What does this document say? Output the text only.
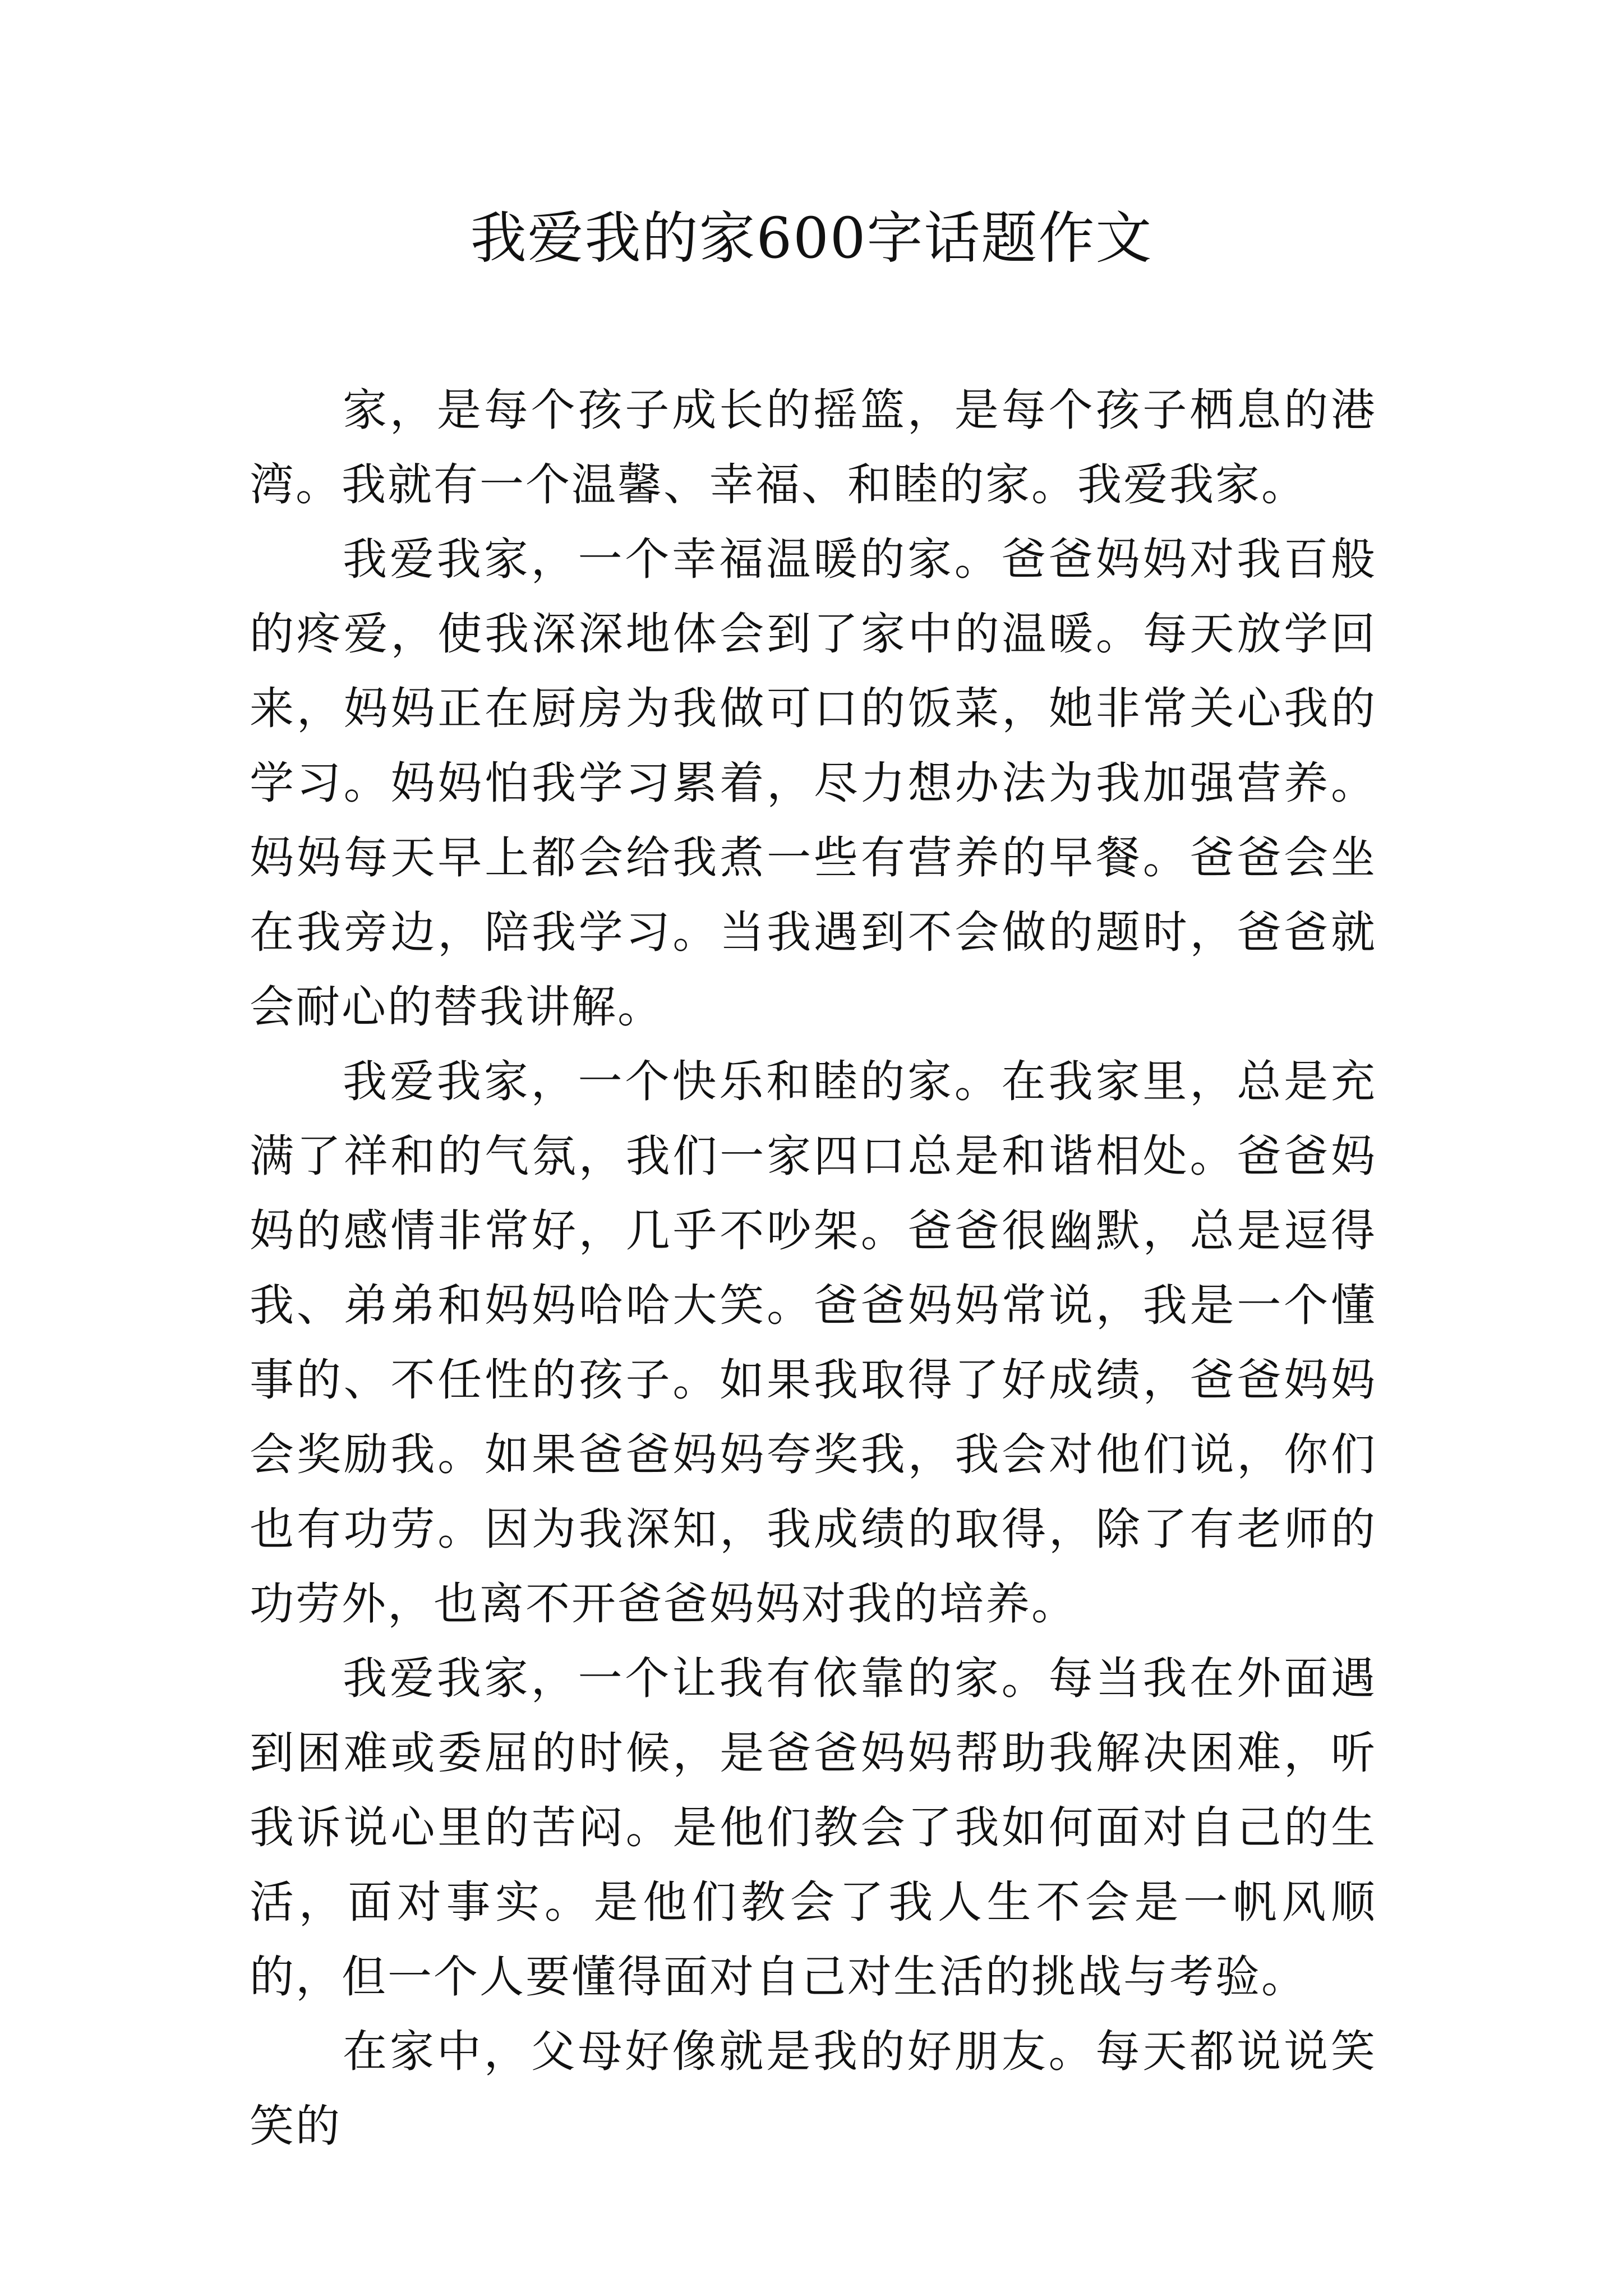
我爱我的家600字话题作文

家，是每个孩子成长的摇篮，是每个孩子栖息的港湾。我就有一个温馨、幸福、和睦的家。我爱我家。

我爱我家，一个幸福温暖的家。爸爸妈妈对我百般的疼爱，使我深深地体会到了家中的温暖。每天放学回来，妈妈正在厨房为我做可口的饭菜，她非常关心我的学习。妈妈怕我学习累着，尽力想办法为我加强营养。妈妈每天早上都会给我煮一些有营养的早餐。爸爸会坐在我旁边，陪我学习。当我遇到不会做的题时，爸爸就会耐心的替我讲解。

我爱我家，一个快乐和睦的家。在我家里，总是充满了祥和的气氛，我们一家四口总是和谐相处。爸爸妈妈的感情非常好，几乎不吵架。爸爸很幽默，总是逗得我、弟弟和妈妈哈哈大笑。爸爸妈妈常说，我是一个懂事的、不任性的孩子。如果我取得了好成绩，爸爸妈妈会奖励我。如果爸爸妈妈夸奖我，我会对他们说，你们也有功劳。因为我深知，我成绩的取得，除了有老师的功劳外，也离不开爸爸妈妈对我的培养。

我爱我家，一个让我有依靠的家。每当我在外面遇到困难或委屈的时候，是爸爸妈妈帮助我解决困难，听我诉说心里的苦闷。是他们教会了我如何面对自己的生活，面对事实。是他们教会了我人生不会是一帆风顺的，但一个人要懂得面对自己对生活的挑战与考验。

在家中，父母好像就是我的好朋友。每天都说说笑笑的
